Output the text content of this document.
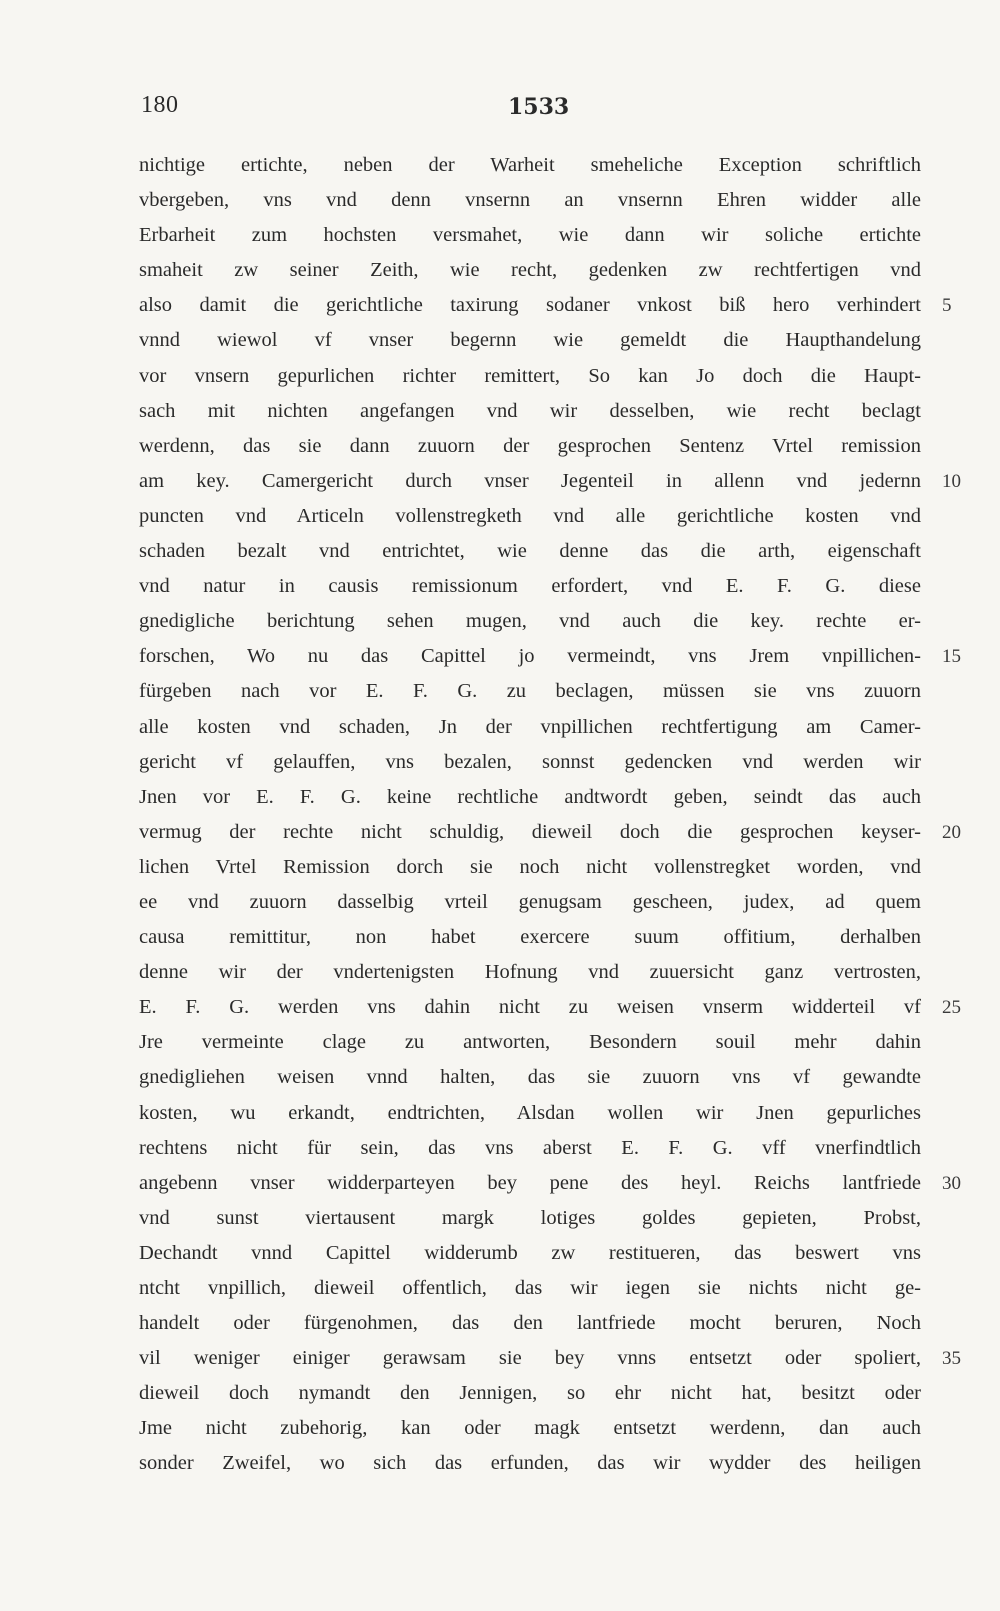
180	1533
nichtige ertichte, neben der Warheit smeheliche Exception schriftlich
vbergeben, vns vnd denn vnsernn an vnsernn Ehren widder alle
Erbarheit zum hochsten versmahet, wie dann wir soliche ertichte
smaheit zw seiner Zeith, wie recht, gedenken zw rechtfertigen vnd
also damit die gerichtliche taxirung sodaner vnkost biß hero verhindert 5
vnnd wiewol vf vnser begernn wie gemeldt die Haupthandelung
vor vnsern gepurlichen richter remittert, So kan Jo doch die Haupt-
sach mit nichten angefangen vnd wir desselben, wie recht beclagt
werdenn, das sie dann zuuorn der gesprochen Sentenz Vrtel remission
am key. Camergericht durch vnser Jegenteil in allenn vnd jedernn 10
puncten vnd Articeln vollenstregketh vnd alle gerichtliche kosten vnd
schaden bezalt vnd entrichtet, wie denne das die arth, eigenschaft
vnd natur in causis remissionum erfordert, vnd E. F. G. diese
gnedigliche berichtung sehen mugen, vnd auch die key. rechte er-
forschen, Wo nu das Capittel jo vermeindt, vns Jrem vnpillichen- 15
fürgeben nach vor E. F. G. zu beclagen, müssen sie vns zuuorn
alle kosten vnd schaden, Jn der vnpillichen rechtfertigung am Camer-
gericht vf gelauffen, vns bezalen, sonnst gedencken vnd werden wir
Jnen vor E. F. G. keine rechtliche andtwordt geben, seindt das auch
vermug der rechte nicht schuldig, dieweil doch die gesprochen keyser- 20
lichen Vrtel Remission dorch sie noch nicht vollenstregket worden, vnd
ee vnd zuuorn dasselbig vrteil genugsam gescheen, judex, ad quem
causa remittitur, non habet exercere suum offitium, derhalben
denne wir der vndertenigsten Hofnung vnd zuuersicht ganz vertrosten,
E. F. G. werden vns dahin nicht zu weisen vnserm widderteil vf 25
Jre vermeinte clage zu antworten, Besondern souil mehr dahin
gnedigliehen weisen vnnd halten, das sie zuuorn vns vf gewandte
kosten, wu erkandt, endtrichten, Alsdan wollen wir Jnen gepurliches
rechtens nicht für sein, das vns aberst E. F. G. vff vnerfindtlich
angebenn vnser widderparteyen bey pene des heyl. Reichs lantfriede 30
vnd sunst viertausent margk lotiges goldes gepieten, Probst,
Dechandt vnnd Capittel widderumb zw restitueren, das beswert vns
ntcht vnpillich, dieweil offentlich, das wir iegen sie nichts nicht ge-
handelt oder fürgenohmen, das den lantfriede mocht beruren, Noch
vil weniger einiger gerawsam sie bey vnns entsetzt oder spoliert, 35
dieweil doch nymandt den Jennigen, so ehr nicht hat, besitzt oder
Jme nicht zubehorig, kan oder magk entsetzt werdenn, dan auch
sonder Zweifel, wo sich das erfunden, das wir wydder des heiligen
